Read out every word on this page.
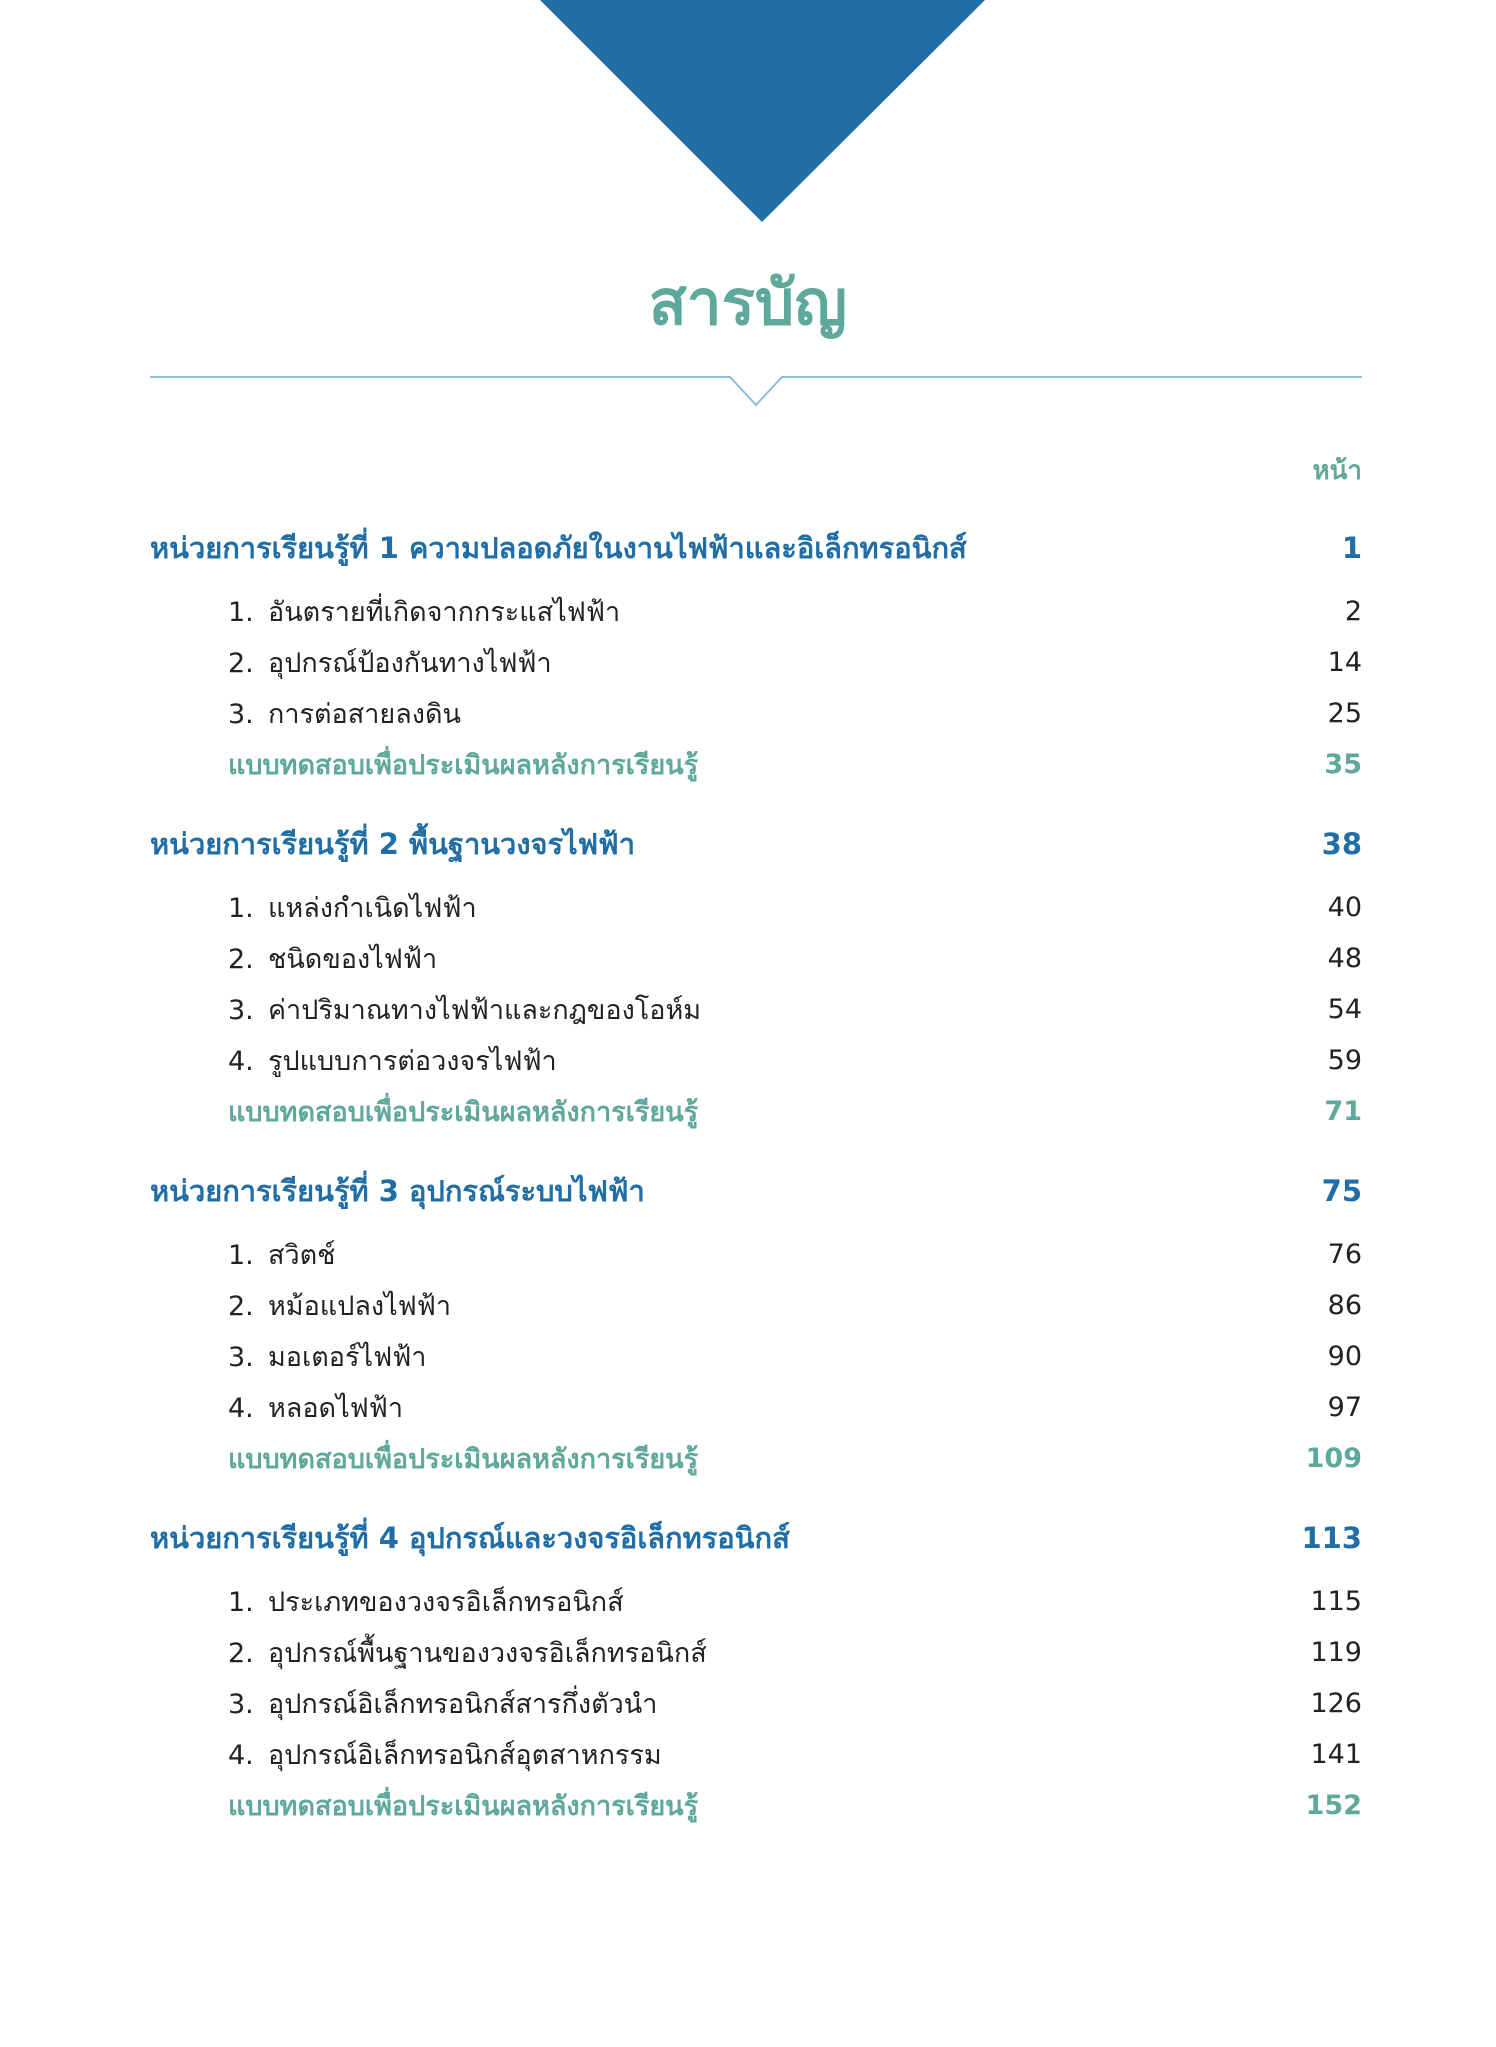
สารบัญ
หน้า
หน่วยการเรียนรู้ที่ 1 ความปลอดภัยในงานไฟฟ้าและอิเล็กทรอนิกส์	1
1. อันตรายที่เกิดจากกระแสไฟฟ้า	2
2. อุปกรณ์ป้องกันทางไฟฟ้า	14
3. การต่อสายลงดิน	25
แบบทดสอบเพื่อประเมินผลหลังการเรียนรู้	35
หน่วยการเรียนรู้ที่ 2 พื้นฐานวงจรไฟฟ้า	38
1. แหล่งกำเนิดไฟฟ้า	40
2. ชนิดของไฟฟ้า	48
3. ค่าปริมาณทางไฟฟ้าและกฎของโอห์ม	54
4. รูปแบบการต่อวงจรไฟฟ้า	59
แบบทดสอบเพื่อประเมินผลหลังการเรียนรู้	71
หน่วยการเรียนรู้ที่ 3 อุปกรณ์ระบบไฟฟ้า	75
1. สวิตช์	76
2. หม้อแปลงไฟฟ้า	86
3. มอเตอร์ไฟฟ้า	90
4. หลอดไฟฟ้า	97
แบบทดสอบเพื่อประเมินผลหลังการเรียนรู้	109
หน่วยการเรียนรู้ที่ 4 อุปกรณ์และวงจรอิเล็กทรอนิกส์	113
1. ประเภทของวงจรอิเล็กทรอนิกส์	115
2. อุปกรณ์พื้นฐานของวงจรอิเล็กทรอนิกส์	119
3. อุปกรณ์อิเล็กทรอนิกส์สารกึ่งตัวนำ	126
4. อุปกรณ์อิเล็กทรอนิกส์อุตสาหกรรม	141
แบบทดสอบเพื่อประเมินผลหลังการเรียนรู้	152
